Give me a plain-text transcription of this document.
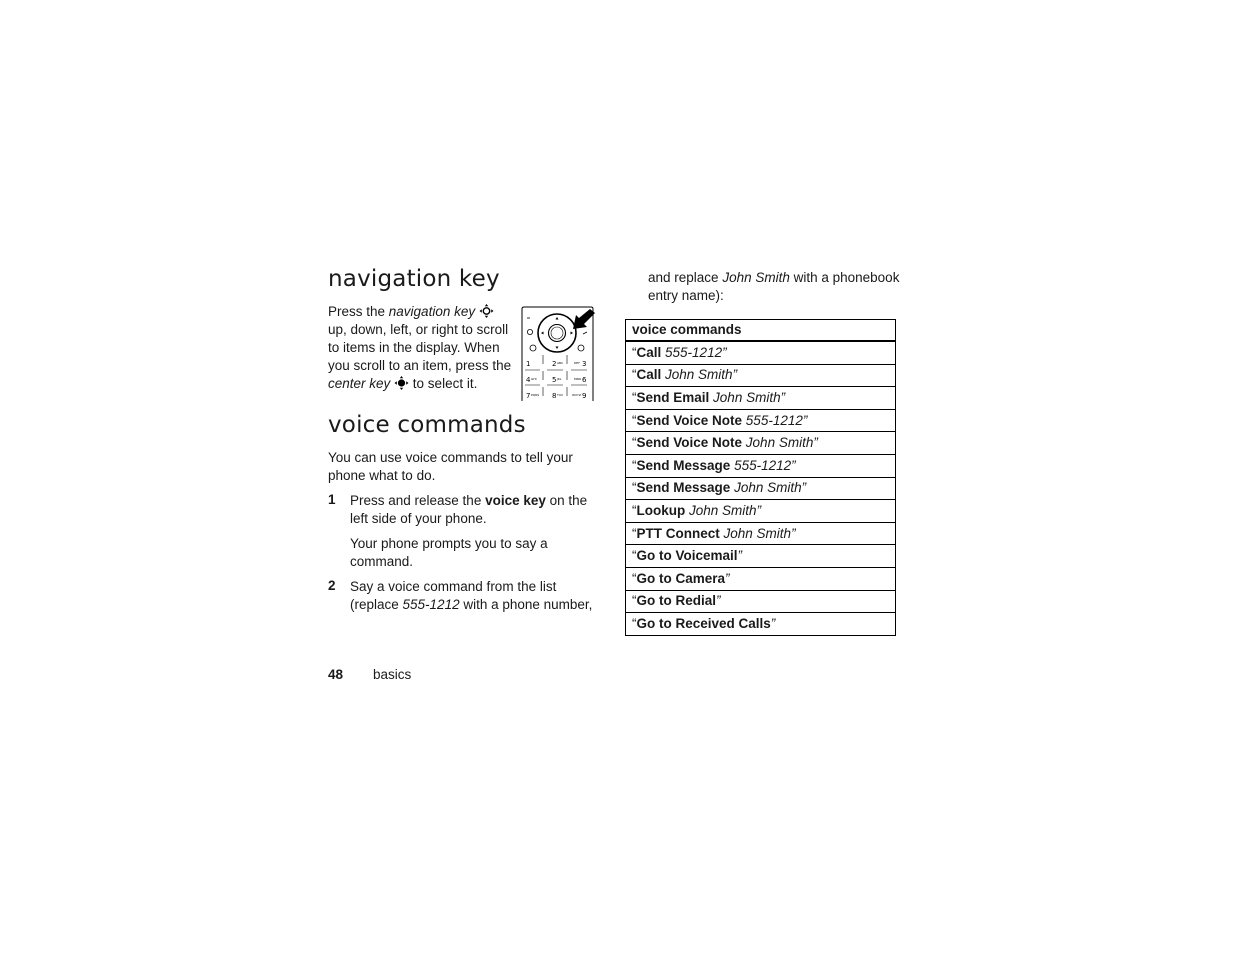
navigation key
Press the navigation key
up, down, left, or right to scroll
to items in the display. When
you scroll to an item, press the
center key  to select it.
1	2	3
4	5	6
7	8	9
ABC	DEF
GHI	JKL	MNO
PQRS	TUV	WXYZ
voice commands
You can use voice commands to tell your
phone what to do.
1 Press and release the voice key on the
left side of your phone.
Your phone prompts you to say a
command.
2 Say a voice command from the list
(replace 555-1212 with a phone number,
and replace John Smith with a phonebook
entry name):
voice commands
“Call 555-1212”
“Call John Smith”
“Send Email John Smith”
“Send Voice Note 555-1212”
“Send Voice Note John Smith”
“Send Message 555-1212”
“Send Message John Smith”
“Lookup John Smith”
“PTT Connect John Smith”
“Go to Voicemail”
“Go to Camera”
“Go to Redial”
“Go to Received Calls”
48 basics
